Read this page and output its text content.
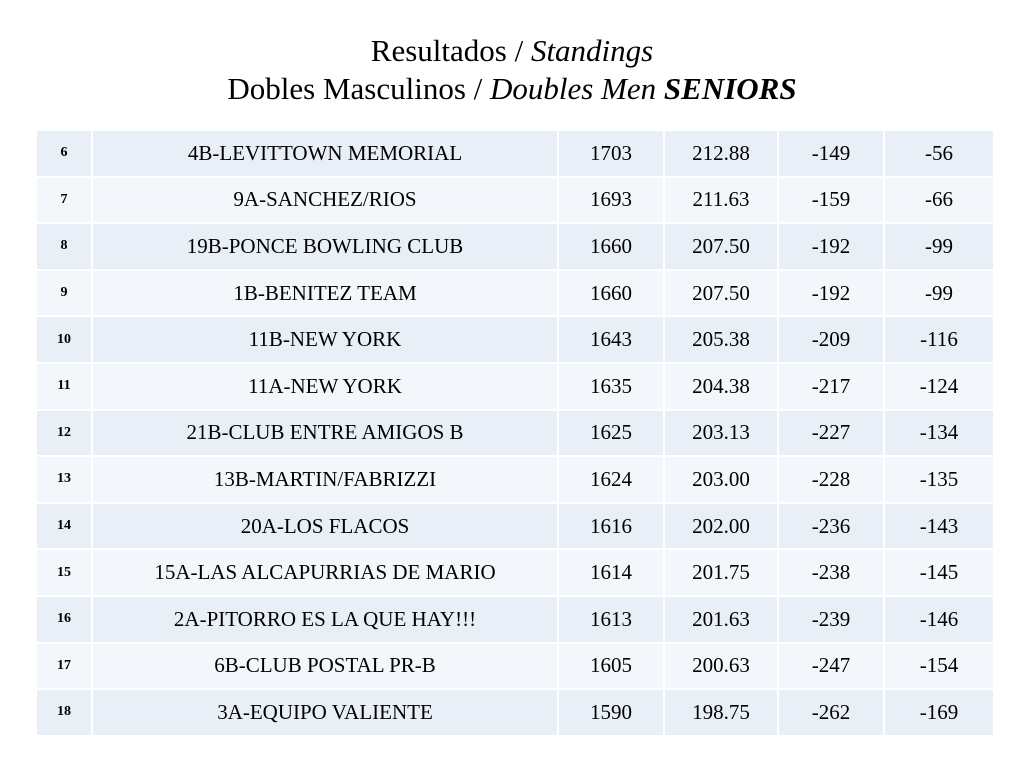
Resultados / Standings
Dobles Masculinos / Doubles Men SENIORS
6	4B-LEVITTOWN MEMORIAL	1703	212.88	-149	-56
7	9A-SANCHEZ/RIOS	1693	211.63	-159	-66
8	19B-PONCE BOWLING CLUB	1660	207.50	-192	-99
9	1B-BENITEZ TEAM	1660	207.50	-192	-99
10	11B-NEW YORK	1643	205.38	-209	-116
11	11A-NEW YORK	1635	204.38	-217	-124
12	21B-CLUB ENTRE AMIGOS B	1625	203.13	-227	-134
13	13B-MARTIN/FABRIZZI	1624	203.00	-228	-135
14	20A-LOS FLACOS	1616	202.00	-236	-143
15	15A-LAS ALCAPURRIAS DE MARIO	1614	201.75	-238	-145
16	2A-PITORRO ES LA QUE HAY!!!	1613	201.63	-239	-146
17	6B-CLUB POSTAL PR-B	1605	200.63	-247	-154
18	3A-EQUIPO VALIENTE	1590	198.75	-262	-169
